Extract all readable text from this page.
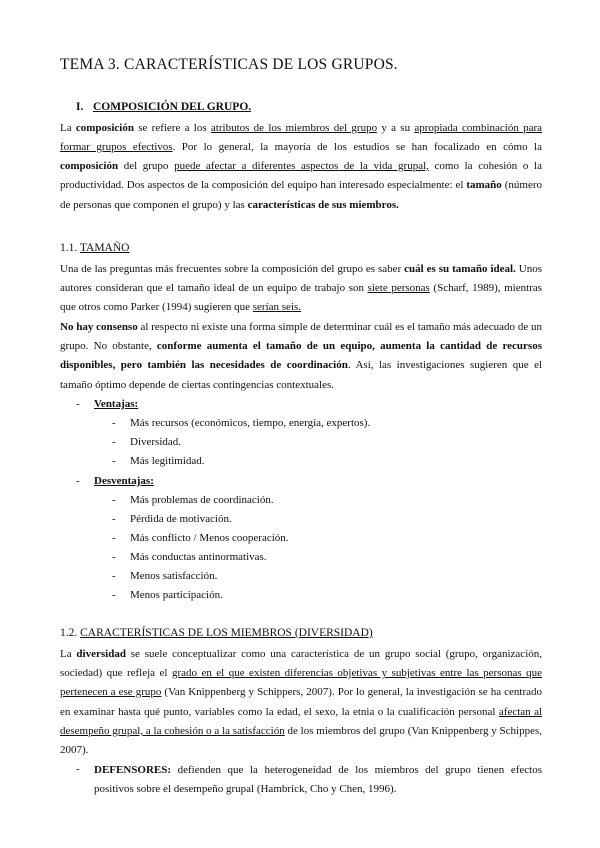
TEMA 3. CARACTERÍSTICAS DE LOS GRUPOS.
I. COMPOSICIÓN DEL GRUPO.
La composición se refiere a los atributos de los miembros del grupo y a su apropiada combinación para
formar grupos efectivos. Por lo general, la mayoría de los estudios se han focalizado en cómo la
composición del grupo puede afectar a diferentes aspectos de la vida grupal, como la cohesión o la
productividad. Dos aspectos de la composición del equipo han interesado especialmente: el tamaño (número
de personas que componen el grupo) y las características de sus miembros.
1.1. TAMAÑO
Una de las preguntas más frecuentes sobre la composición del grupo es saber cuál es su tamaño ideal. Unos
autores consideran que el tamaño ideal de un equipo de trabajo son siete personas (Scharf, 1989), mientras
que otros como Parker (1994) sugieren que serían seis.
No hay consenso al respecto ni existe una forma simple de determinar cuál es el tamaño más adecuado de un
grupo. No obstante, conforme aumenta el tamaño de un equipo, aumenta la cantidad de recursos
disponibles, pero también las necesidades de coordinación. Así, las investigaciones sugieren que el
tamaño óptimo depende de ciertas contingencias contextuales.
- Ventajas:
- Más recursos (económicos, tiempo, energía, expertos).
- Diversidad.
- Más legitimidad.
- Desventajas:
- Más problemas de coordinación.
- Pérdida de motivación.
- Más conflicto / Menos cooperación.
- Más conductas antinormativas.
- Menos satisfacción.
- Menos participación.
1.2. CARACTERÍSTICAS DE LOS MIEMBROS (DIVERSIDAD)
La diversidad se suele conceptualizar como una característica de un grupo social (grupo, organización,
sociedad) que refleja el grado en el que existen diferencias objetivas y subjetivas entre las personas que
pertenecen a ese grupo (Van Knippenberg y Schippers, 2007). Por lo general, la investigación se ha centrado
en examinar hasta qué punto, variables como la edad, el sexo, la etnia o la cualificación personal afectan al
desempeño grupal, a la cohesión o a la satisfacción de los miembros del grupo (Van Knippenberg y Schippes,
2007).
- DEFENSORES: defienden que la heterogeneidad de los miembros del grupo tienen efectos
positivos sobre el desempeño grupal (Hambrick, Cho y Chen, 1996).
